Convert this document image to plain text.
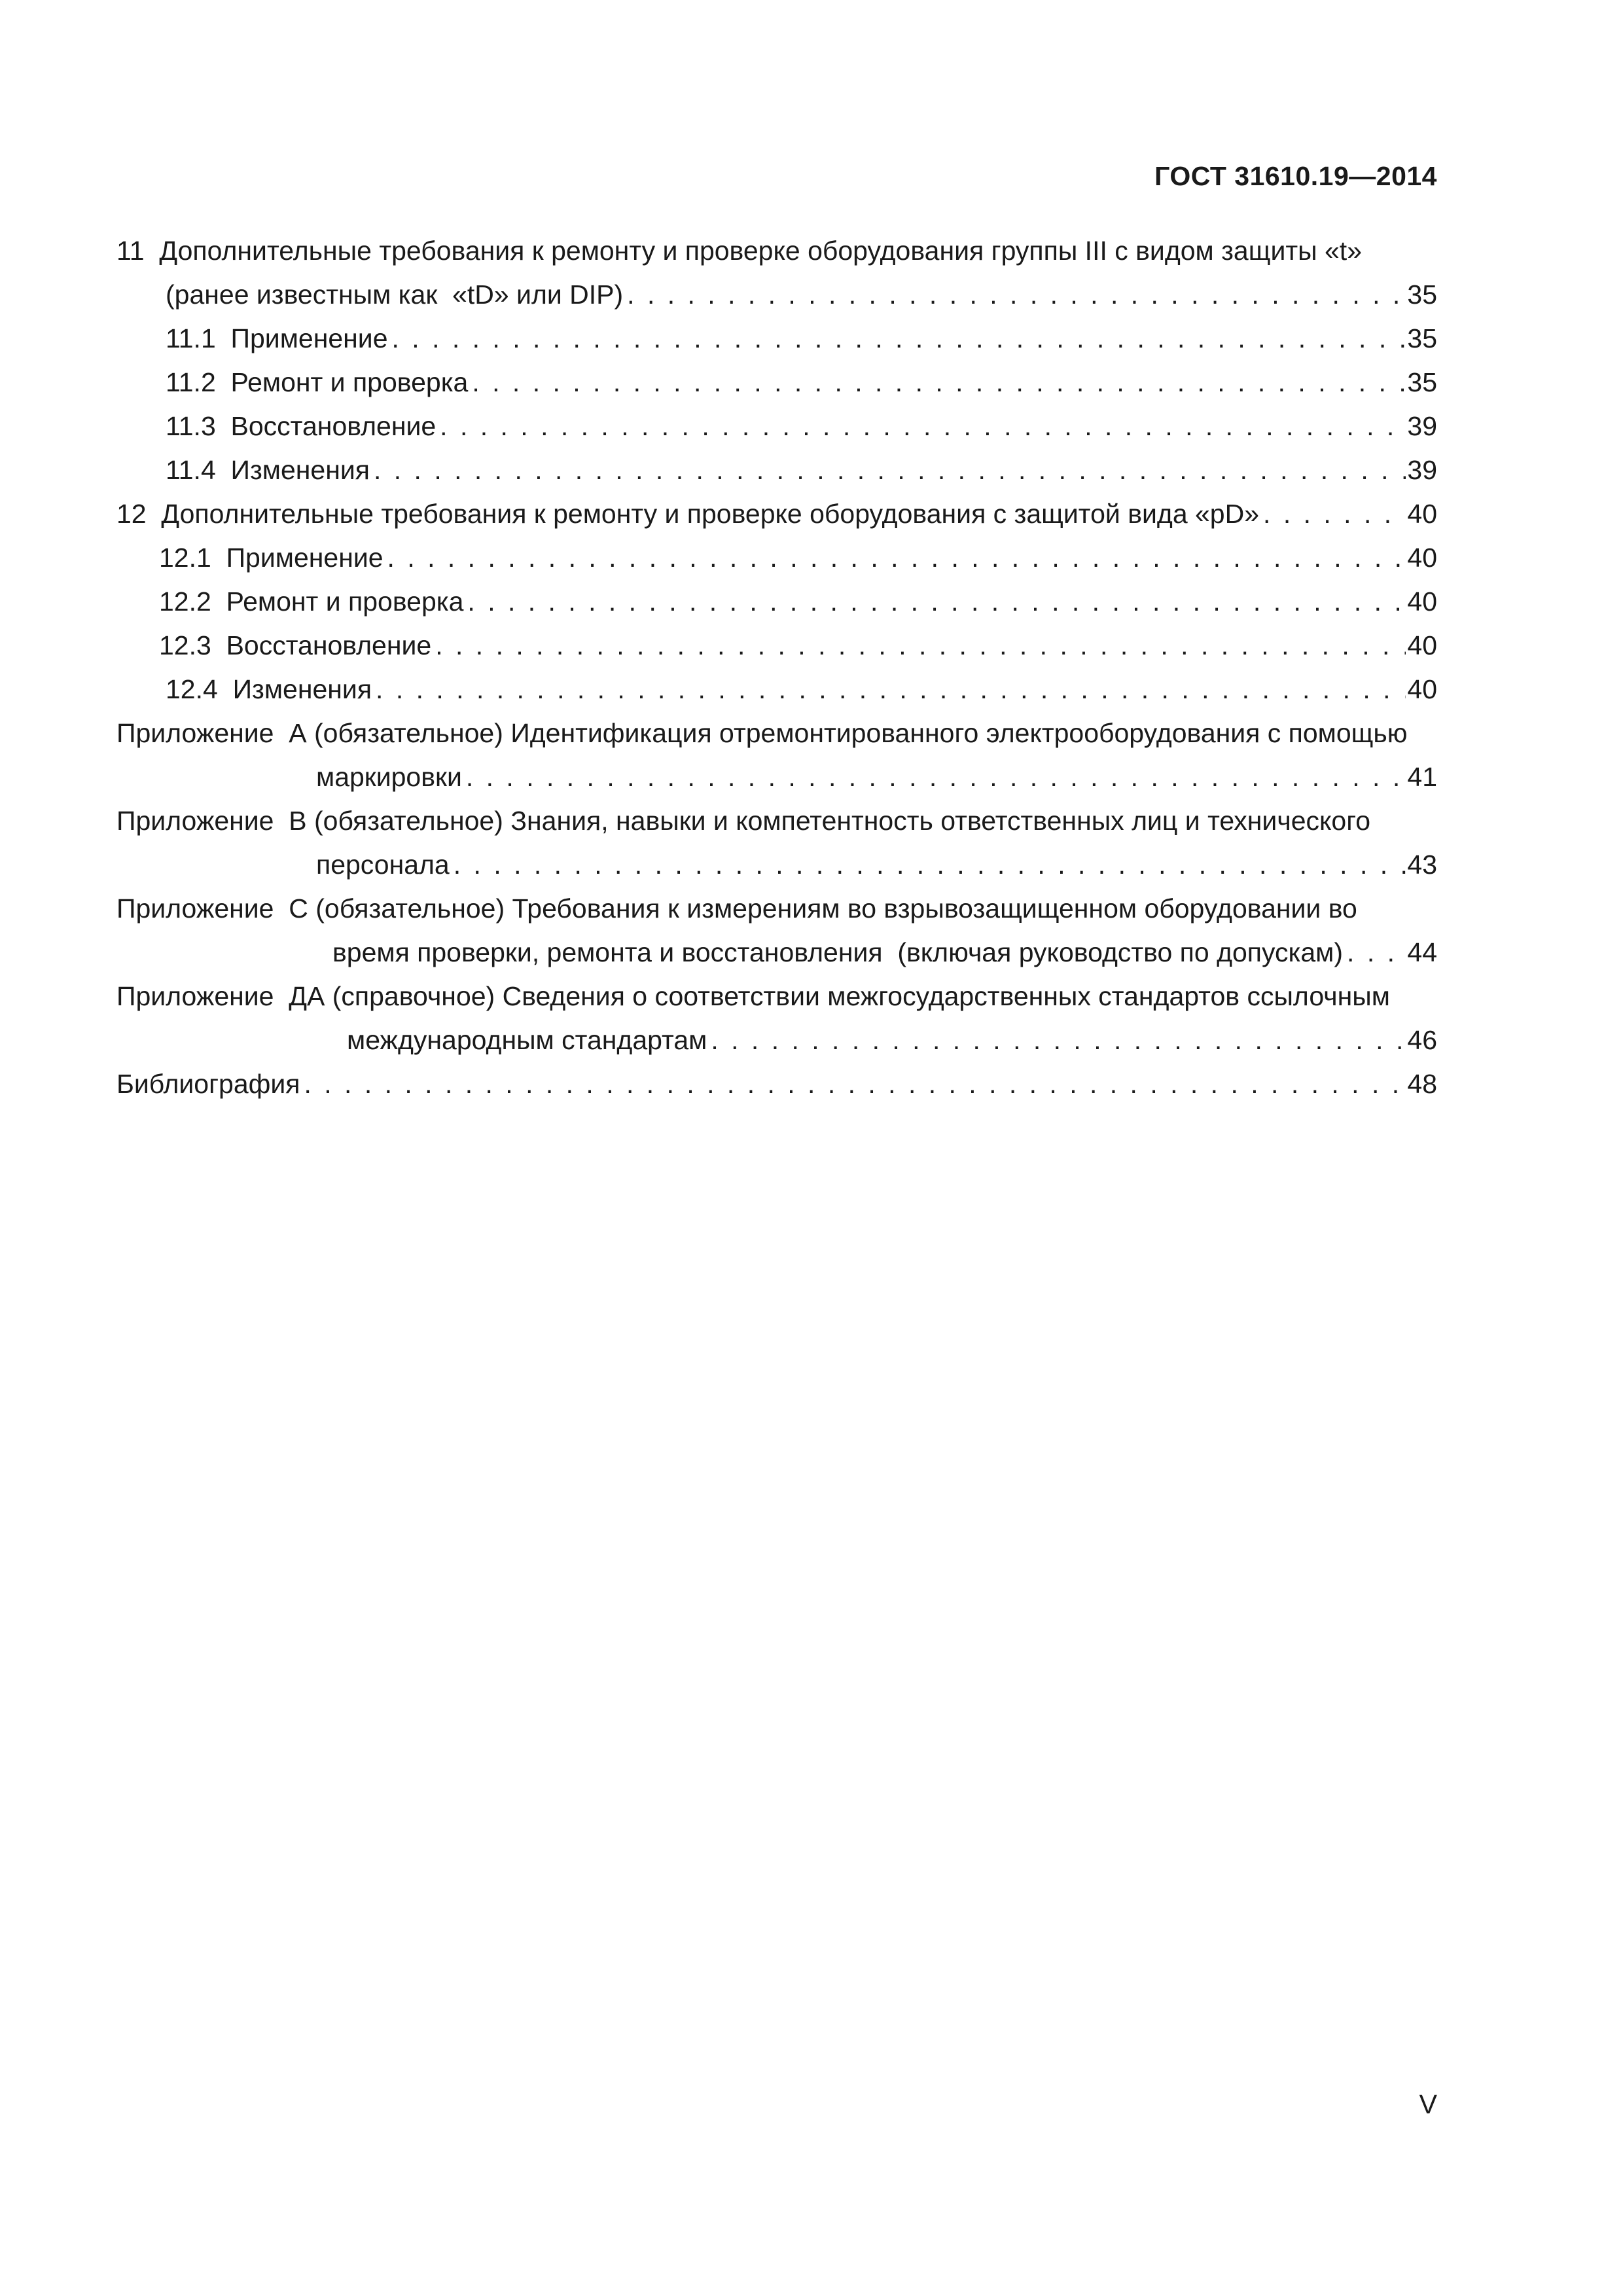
ГОСТ 31610.19—2014
11  Дополнительные требования к ремонту и проверке оборудования группы III с видом защиты «t»
(ранее известным как  «tD» или DIP) . . .	35
11.1  Применение . . .	35
11.2  Ремонт и проверка . . .	35
11.3  Восстановление . . .	39
11.4  Изменения . . .	39
12  Дополнительные требования к ремонту и проверке оборудования с защитой вида «pD» . . .	40
12.1  Применение . . .	40
12.2  Ремонт и проверка . . .	40
12.3  Восстановление . . .	40
12.4  Изменения . . .	40
Приложение  А (обязательное) Идентификация отремонтированного электрооборудования с помощью
маркировки . . .	41
Приложение  В (обязательное) Знания, навыки и компетентность ответственных лиц и технического
персонала . . .	43
Приложение  С (обязательное) Требования к измерениям во взрывозащищенном оборудовании во
время проверки, ремонта и восстановления  (включая руководство по допускам) . . . 44
Приложение  ДА (справочное) Сведения о соответствии межгосударственных стандартов ссылочным
международным стандартам . . .	46
Библиография . . .	48
V
